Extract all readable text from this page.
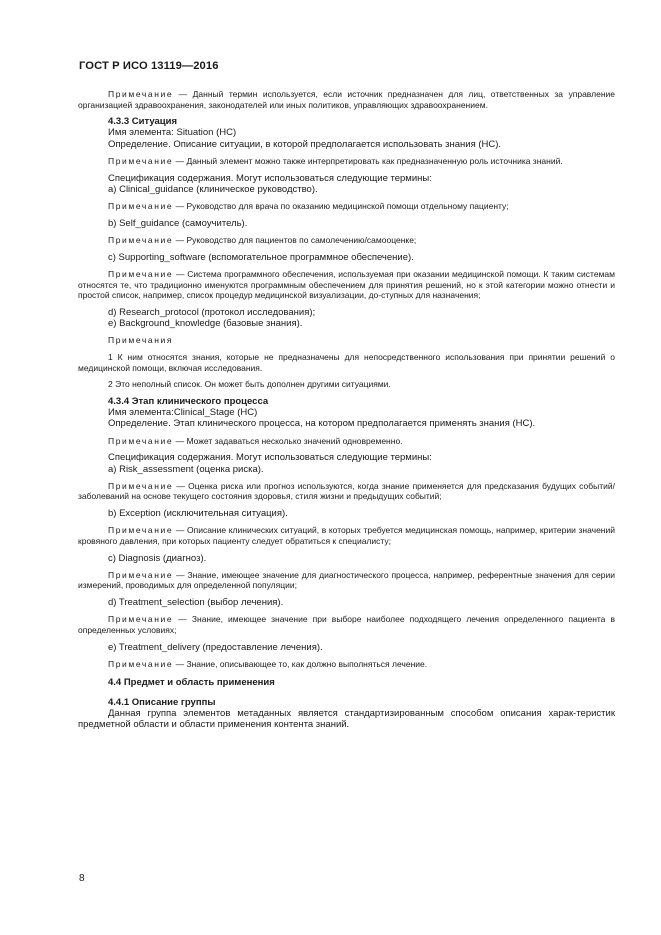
ГОСТ Р ИСО 13119—2016

Примечание — Данный термин используется, если источник предназначен для лиц, ответственных за управление организацией здравоохранения, законодателей или иных политиков, управляющих здравоохранением.

4.3.3 Ситуация

Имя элемента: Situation (HC)

Определение. Описание ситуации, в которой предполагается использовать знания (HC).

Примечание — Данный элемент можно также интерпретировать как предназначенную роль источника знаний.

Спецификация содержания. Могут использоваться следующие термины:

а) Clinical_guidance (клиническое руководство).

Примечание — Руководство для врача по оказанию медицинской помощи отдельному пациенту;

b) Self_guidance (самоучитель).

Примечание — Руководство для пациентов по самолечению/самооценке;

c) Supporting_software (вспомогательное программное обеспечение).

Примечание — Система программного обеспечения, используемая при оказании медицинской помощи. К таким системам относятся те, что традиционно именуются программным обеспечением для принятия решений, но к этой категории можно отнести и простой список, например, список процедур медицинской визуализации, до-ступных для назначения;

d) Research_protocol (протокол исследования);

e) Background_knowledge (базовые знания).

Примечания

1 К ним относятся знания, которые не предназначены для непосредственного использования при принятии решений о медицинской помощи, включая исследования.

2 Это неполный список. Он может быть дополнен другими ситуациями.

4.3.4 Этап клинического процесса

Имя элемента:Clinical_Stage (HC)

Определение. Этап клинического процесса, на котором предполагается применять знания (HC).

Примечание — Может задаваться несколько значений одновременно.

Спецификация содержания. Могут использоваться следующие термины:

a) Risk_assessment (оценка риска).

Примечание — Оценка риска или прогноз используются, когда знание применяется для предсказания будущих событий/заболеваний на основе текущего состояния здоровья, стиля жизни и предыдущих событий;

b) Exception (исключительная ситуация).

Примечание — Описание клинических ситуаций, в которых требуется медицинская помощь, например, критерии значений кровяного давления, при которых пациенту следует обратиться к специалисту;

c) Diagnosis (диагноз).

Примечание — Знание, имеющее значение для диагностического процесса, например, референтные значения для серии измерений, проводимых для определенной популяции;

d) Treatment_selection (выбор лечения).

Примечание — Знание, имеющее значение при выборе наиболее подходящего лечения определенного пациента в определенных условиях;

e) Treatment_delivery (предоставление лечения).

Примечание — Знание, описывающее то, как должно выполняться лечение.

4.4 Предмет и область применения

4.4.1 Описание группы

Данная группа элементов метаданных является стандартизированным способом описания харак-теристик предметной области и области применения контента знаний.

8
